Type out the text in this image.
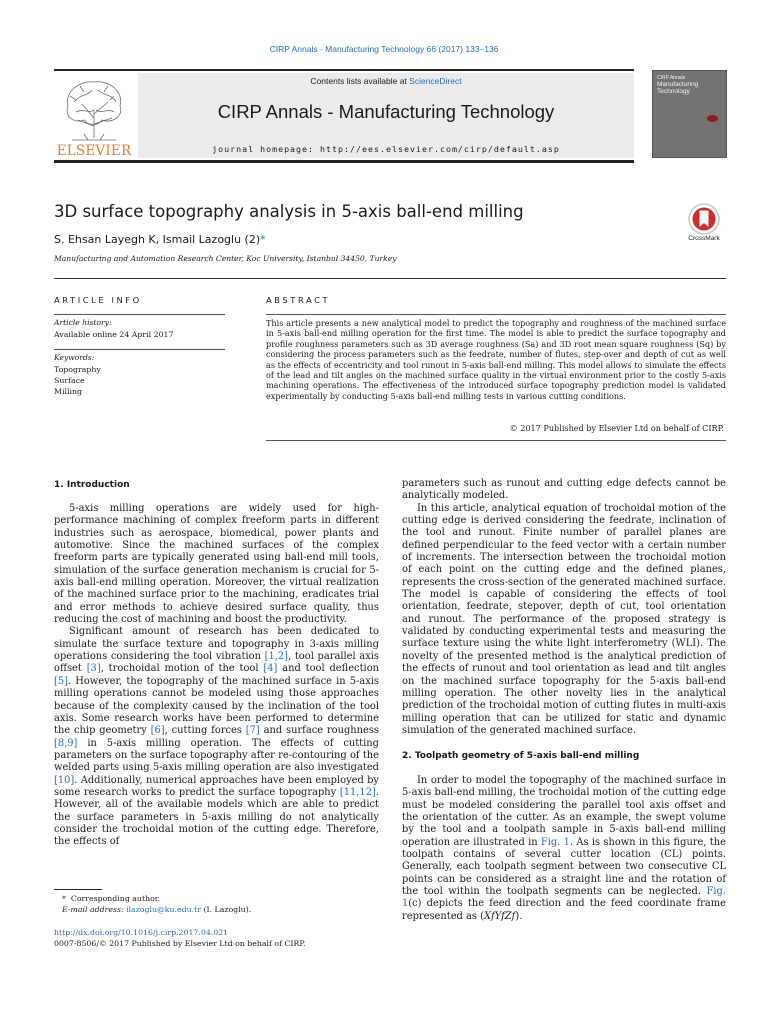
CIRP Annals - Manufacturing Technology 66 (2017) 133–136
ELSEVIER
Contents lists available at ScienceDirect
CIRP Annals - Manufacturing Technology
journal homepage: http://ees.elsevier.com/cirp/default.asp
CIRP Annals
Manufacturing Technology
3D surface topography analysis in 5-axis ball-end milling
S. Ehsan Layegh K, Ismail Lazoglu (2)*
Manufacturing and Automation Research Center, Koc University, Istanbul 34450, Turkey
CrossMark
ARTICLE INFO	ABSTRACT
Article history:
Available online 24 April 2017
Keywords:
Topography
Surface
Milling
This article presents a new analytical model to predict the topography and roughness of the machined surface in 5-axis ball-end milling operation for the first time. The model is able to predict the surface topography and profile roughness parameters such as 3D average roughness (Sa) and 3D root mean square roughness (Sq) by considering the process parameters such as the feedrate, number of flutes, step-over and depth of cut as well as the effects of eccentricity and tool runout in 5-axis ball-end milling. This model allows to simulate the effects of the lead and tilt angles on the machined surface quality in the virtual environment prior to the costly 5-axis machining operations. The effectiveness of the introduced surface topography prediction model is validated experimentally by conducting 5-axis ball-end milling tests in various cutting conditions.
© 2017 Published by Elsevier Ltd on behalf of CIRP.
1. Introduction

5-axis milling operations are widely used for high-performance machining of complex freeform parts in different industries such as aerospace, biomedical, power plants and automotive. Since the machined surfaces of the complex freeform parts are typically generated using ball-end mill tools, simulation of the surface generation mechanism is crucial for 5-axis ball-end milling operation. Moreover, the virtual realization of the machined surface prior to the machining, eradicates trial and error methods to achieve desired surface quality, thus reducing the cost of machining and boost the productivity.

Significant amount of research has been dedicated to simulate the surface texture and topography in 3-axis milling operations considering the tool vibration [1,2], tool parallel axis offset [3], trochoidal motion of the tool [4] and tool deflection [5]. However, the topography of the machined surface in 5-axis milling operations cannot be modeled using those approaches because of the complexity caused by the inclination of the tool axis. Some research works have been performed to determine the chip geometry [6], cutting forces [7] and surface roughness [8,9] in 5-axis milling operation. The effects of cutting parameters on the surface topography after re-contouring of the welded parts using 5-axis milling operation are also investigated [10]. Additionally, numerical approaches have been employed by some research works to predict the surface topography [11,12]. However, all of the available models which are able to predict the surface parameters in 5-axis milling do not analytically consider the trochoidal motion of the cutting edge. Therefore, the effects of

parameters such as runout and cutting edge defects cannot be analytically modeled.

In this article, analytical equation of trochoidal motion of the cutting edge is derived considering the feedrate, inclination of the tool and runout. Finite number of parallel planes are defined perpendicular to the feed vector with a certain number of increments. The intersection between the trochoidal motion of each point on the cutting edge and the defined planes, represents the cross-section of the generated machined surface. The model is capable of considering the effects of tool orientation, feedrate, stepover, depth of cut, tool orientation and runout. The performance of the proposed strategy is validated by conducting experimental tests and measuring the surface texture using the white light interferometry (WLI). The novelty of the presented method is the analytical prediction of the effects of runout and tool orientation as lead and tilt angles on the machined surface topography for the 5-axis ball-end milling operation. The other novelty lies in the analytical prediction of the trochoidal motion of cutting flutes in multi-axis milling operation that can be utilized for static and dynamic simulation of the generated machined surface.

2. Toolpath geometry of 5-axis ball-end milling

In order to model the topography of the machined surface in 5-axis ball-end milling, the trochoidal motion of the cutting edge must be modeled considering the parallel tool axis offset and the orientation of the cutter. As an example, the swept volume by the tool and a toolpath sample in 5-axis ball-end milling operation are illustrated in Fig. 1. As is shown in this figure, the toolpath contains of several cutter location (CL) points. Generally, each toolpath segment between two consecutive CL points can be considered as a straight line and the rotation of the tool within the toolpath segments can be neglected. Fig. 1(c) depicts the feed direction and the feed coordinate frame represented as (XfYfZf).

* Corresponding author.
E-mail address: ilazoglu@ku.edu.tr (I. Lazoglu).
http://dx.doi.org/10.1016/j.cirp.2017.04.021
0007-8506/© 2017 Published by Elsevier Ltd on behalf of CIRP.
